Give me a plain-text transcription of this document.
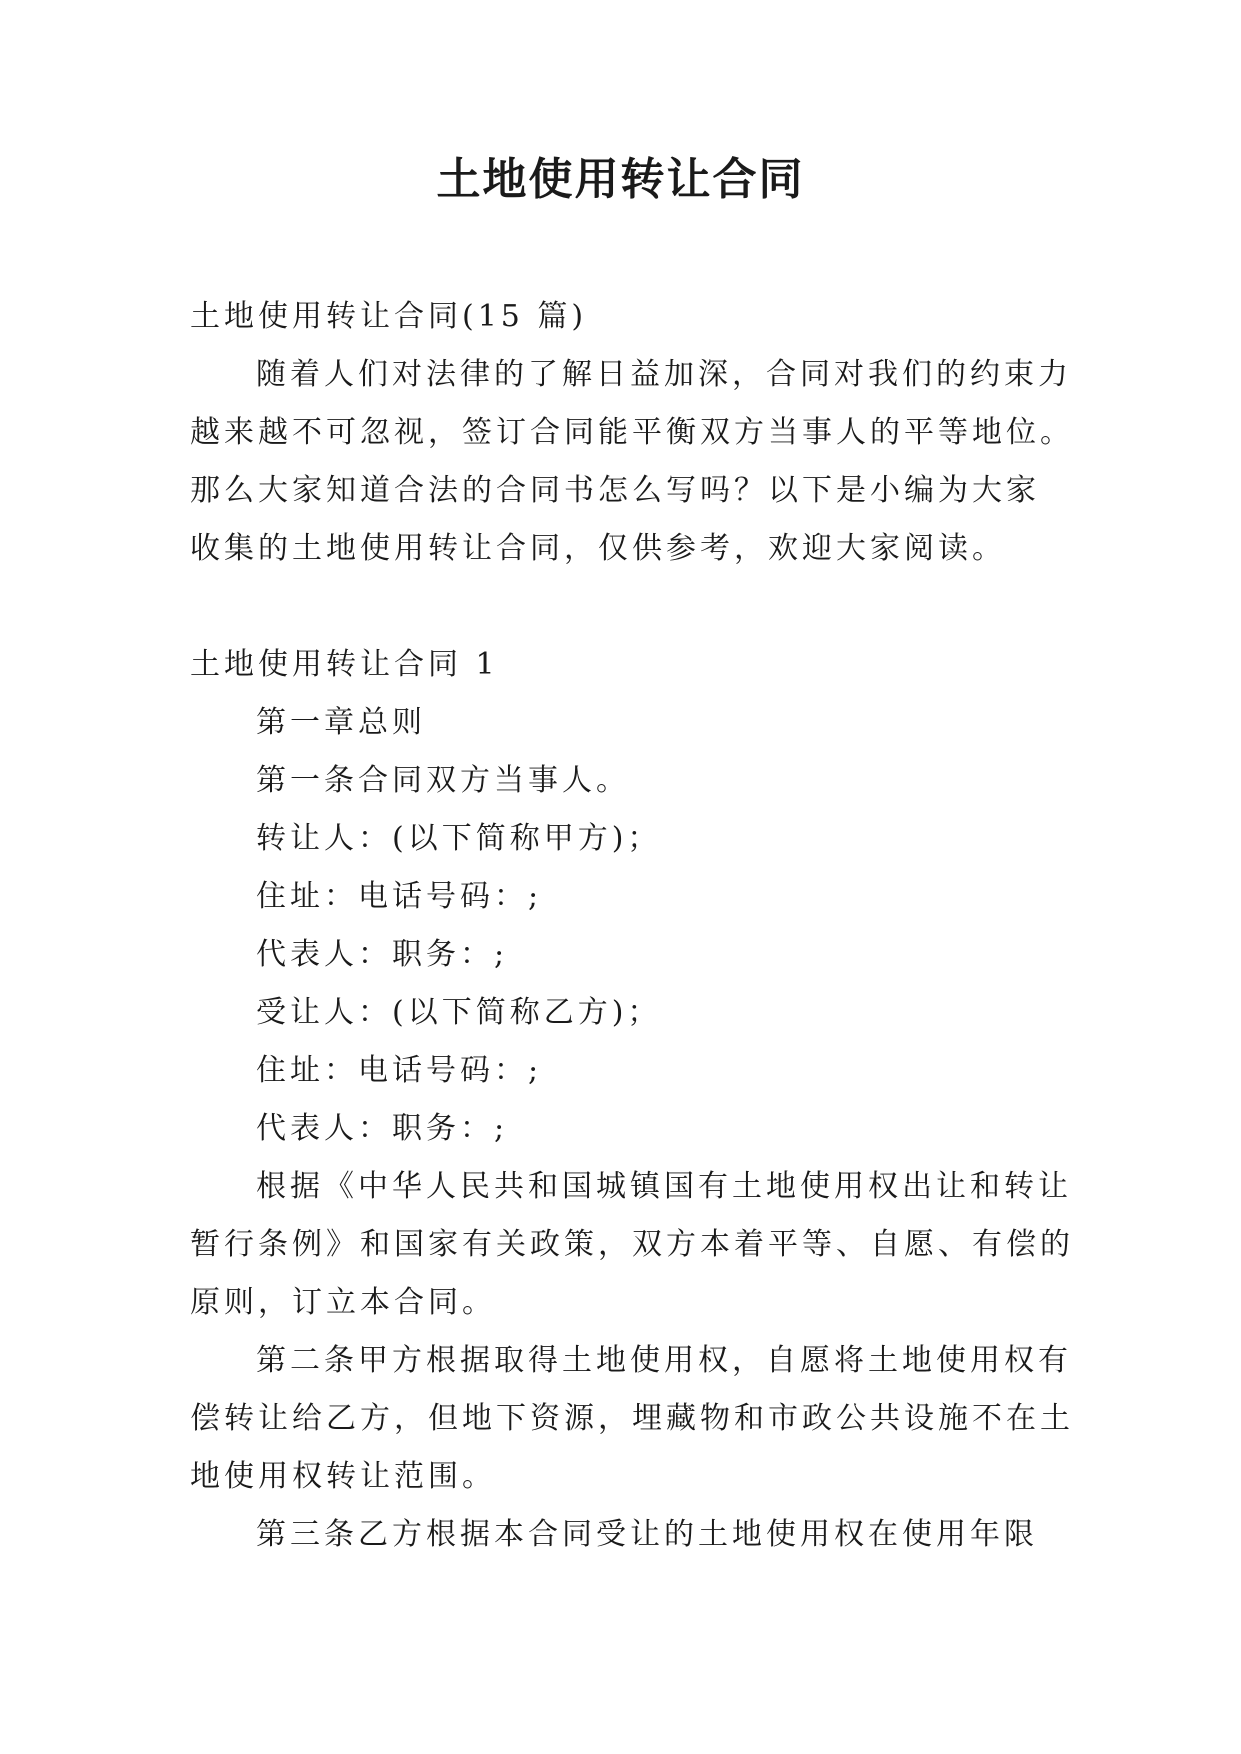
土地使用转让合同

土地使用转让合同(15 篇)

随着人们对法律的了解日益加深，合同对我们的约束力

越来越不可忽视，签订合同能平衡双方当事人的平等地位。

那么大家知道合法的合同书怎么写吗？以下是小编为大家

收集的土地使用转让合同，仅供参考，欢迎大家阅读。

土地使用转让合同 1

第一章总则

第一条合同双方当事人。

转让人：(以下简称甲方)；

住址：电话号码：;

代表人：职务：;

受让人：(以下简称乙方)；

住址：电话号码：;

代表人：职务：;

根据《中华人民共和国城镇国有土地使用权出让和转让

暂行条例》和国家有关政策，双方本着平等、自愿、有偿的

原则，订立本合同。

第二条甲方根据取得土地使用权，自愿将土地使用权有

偿转让给乙方，但地下资源，埋藏物和市政公共设施不在土

地使用权转让范围。

第三条乙方根据本合同受让的土地使用权在使用年限
